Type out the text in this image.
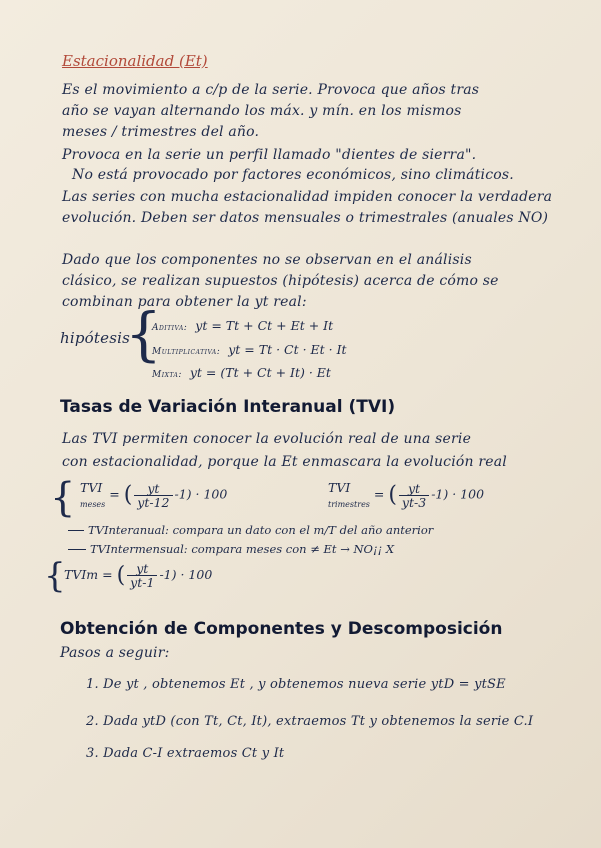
Estacionalidad (Et)
Es el movimiento a c/p de la serie. Provoca que años tras
año se vayan alternando los máx. y mín. en los mismos
meses / trimestres del año.
Provoca en la serie un perfil llamado "dientes de sierra".
No está provocado por factores económicos, sino climáticos.
Las series con mucha estacionalidad impiden conocer la verdadera
evolución. Deben ser datos mensuales o trimestrales (anuales NO)
Dado que los componentes no se observan en el análisis
clásico, se realizan supuestos (hipótesis) acerca de cómo se
combinan para obtener la yt real:
hipótesis
{
Aditiva: yt = Tt + Ct + Et + It
Multiplicativa: yt = Tt · Ct · Et · It
Mixta: yt = (Tt + Ct + It) · Et
Tasas de Variación Interanual (TVI)
Las TVI permiten conocer la evolución real de una serie
con estacionalidad, porque la Et enmascara la evolución real
{ TVI
meses = ( $\frac{yt}{yt-12} -1) \cdot 100$	TVI
trimestres = ( $\frac{yt}{yt-3} -1) \cdot 100$
TVInteranual: compara un dato con el m/T del año anterior
TVIntermensual: compara meses con ≠ Et → NO¡¡ X
{
TVIm = ( $\frac{yt}{yt-1} -1) \cdot 100$
Obtención de Componentes y Descomposición
Pasos a seguir:
1. De yt , obtenemos Et , y obtenemos nueva serie ytD = ytSE
2. Dada ytD (con Tt, Ct, It), extraemos Tt y obtenemos la serie C.I
3. Dada C-I extraemos Ct y It
